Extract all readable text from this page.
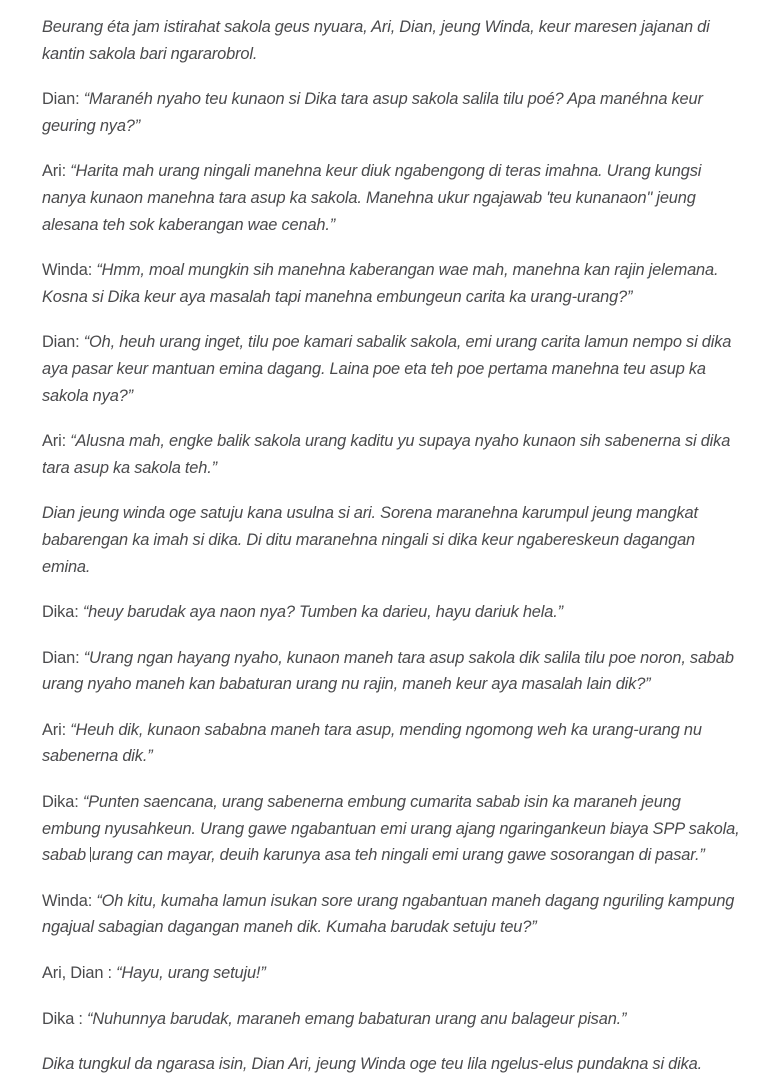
Beurang éta jam istirahat sakola geus nyuara, Ari, Dian, jeung Winda, keur maresen jajanan di kantin sakola bari ngararobrol.

Dian: “Maranéh nyaho teu kunaon si Dika tara asup sakola salila tilu poé? Apa manéhna keur geuring nya?”

Ari: “Harita mah urang ningali manehna keur diuk ngabengong di teras imahna. Urang kungsi nanya kunaon manehna tara asup ka sakola. Manehna ukur ngajawab 'teu kunanaon" jeung alesana teh sok kaberangan wae cenah.”

Winda: “Hmm, moal mungkin sih manehna kaberangan wae mah, manehna kan rajin jelemana. Kosna si Dika keur aya masalah tapi manehna embungeun carita ka urang-urang?”

Dian: “Oh, heuh urang inget, tilu poe kamari sabalik sakola, emi urang carita lamun nempo si dika aya pasar keur mantuan emina dagang. Laina poe eta teh poe pertama manehna teu asup ka sakola nya?”

Ari: “Alusna mah, engke balik sakola urang kaditu yu supaya nyaho kunaon sih sabenerna si dika tara asup ka sakola teh.”

Dian jeung winda oge satuju kana usulna si ari. Sorena maranehna karumpul jeung mangkat babarengan ka imah si dika. Di ditu maranehna ningali si dika keur ngabereskeun dagangan emina.

Dika: “heuy barudak aya naon nya? Tumben ka darieu, hayu dariuk hela.”

Dian: “Urang ngan hayang nyaho, kunaon maneh tara asup sakola dik salila tilu poe noron, sabab urang nyaho maneh kan babaturan urang nu rajin, maneh keur aya masalah lain dik?”

Ari: “Heuh dik, kunaon sababna maneh tara asup, mending ngomong weh ka urang-urang nu sabenerna dik.”

Dika: “Punten saencana, urang sabenerna embung cumarita sabab isin ka maraneh jeung embung nyusahkeun. Urang gawe ngabantuan emi urang ajang ngaringankeun biaya SPP sakola, sabab urang can mayar, deuih karunya asa teh ningali emi urang gawe sosorangan di pasar.”

Winda: “Oh kitu, kumaha lamun isukan sore urang ngabantuan maneh dagang nguriling kampung ngajual sabagian dagangan maneh dik. Kumaha barudak setuju teu?”

Ari, Dian : “Hayu, urang setuju!”

Dika : “Nuhunnya barudak, maraneh emang babaturan urang anu balageur pisan.”

Dika tungkul da ngarasa isin, Dian Ari, jeung Winda oge teu lila ngelus-elus pundakna si dika.
